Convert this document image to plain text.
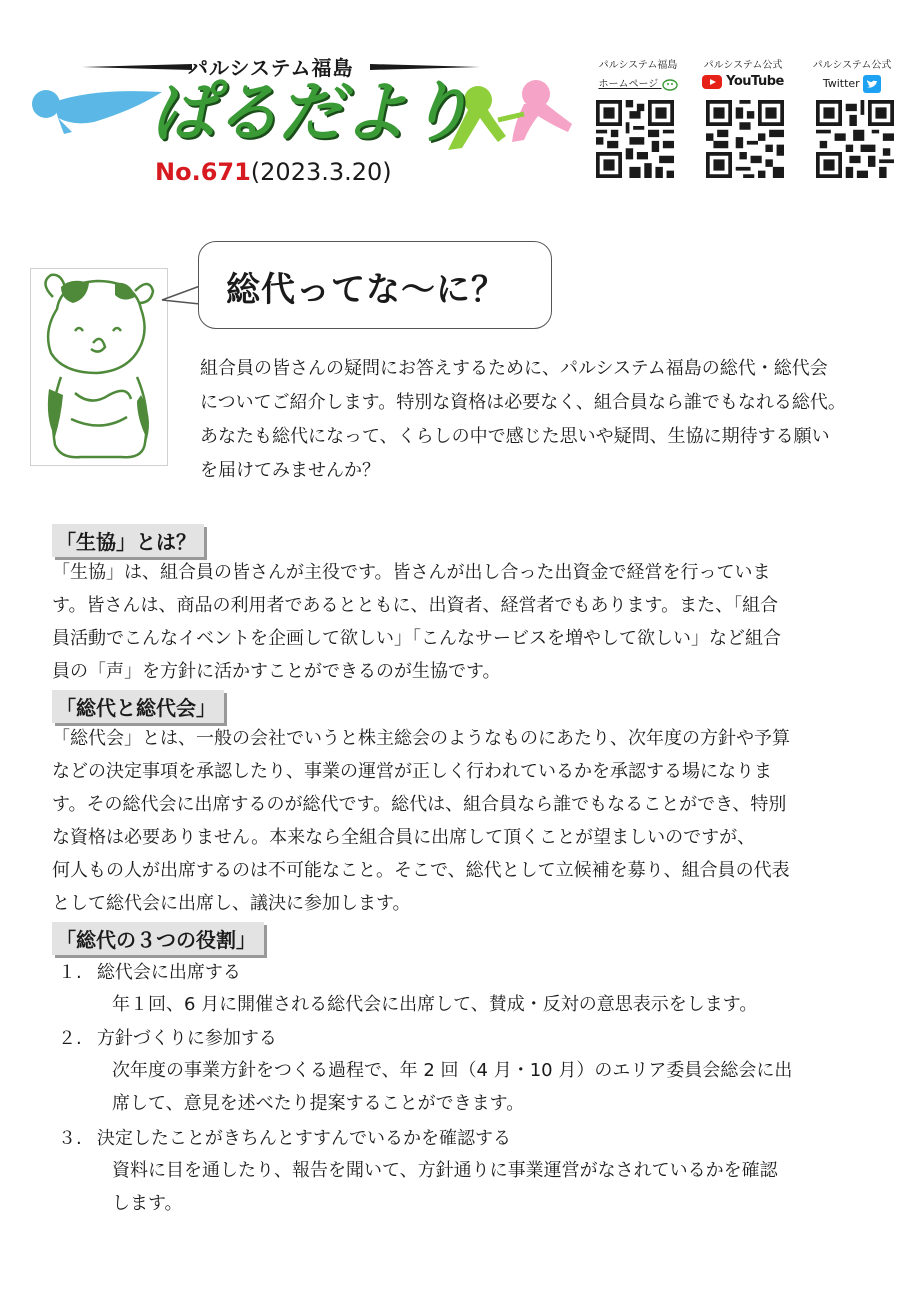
パルシステム福島
ぱるだより
No.671(2023.3.20)
パルシステム福島
ホームページ
パルシステム公式
YouTube
パルシステム公式
Twitter
総代ってな～に？
組合員の皆さんの疑問にお答えするために、パルシステム福島の総代・総代会
についてご紹介します。特別な資格は必要なく、組合員なら誰でもなれる総代。
あなたも総代になって、くらしの中で感じた思いや疑問、生協に期待する願い
を届けてみませんか？
「生協」とは？
「生協」は、組合員の皆さんが主役です。皆さんが出し合った出資金で経営を行っていま
す。皆さんは、商品の利用者であるとともに、出資者、経営者でもあります。また、「組合
員活動でこんなイベントを企画して欲しい」「こんなサービスを増やして欲しい」など組合
員の「声」を方針に活かすことができるのが生協です。
「総代と総代会」
「総代会」とは、一般の会社でいうと株主総会のようなものにあたり、次年度の方針や予算
などの決定事項を承認したり、事業の運営が正しく行われているかを承認する場になりま
す。その総代会に出席するのが総代です。総代は、組合員なら誰でもなることができ、特別
な資格は必要ありません。本来なら全組合員に出席して頂くことが望ましいのですが、
何人もの人が出席するのは不可能なこと。そこで、総代として立候補を募り、組合員の代表
として総代会に出席し、議決に参加します。
「総代の３つの役割」
１. 総代会に出席する
年１回、6 月に開催される総代会に出席して、賛成・反対の意思表示をします。
２. 方針づくりに参加する
次年度の事業方針をつくる過程で、年 2 回（4 月・10 月）のエリア委員会総会に出
席して、意見を述べたり提案することができます。
３. 決定したことがきちんとすすんでいるかを確認する
資料に目を通したり、報告を聞いて、方針通りに事業運営がなされているかを確認
します。
